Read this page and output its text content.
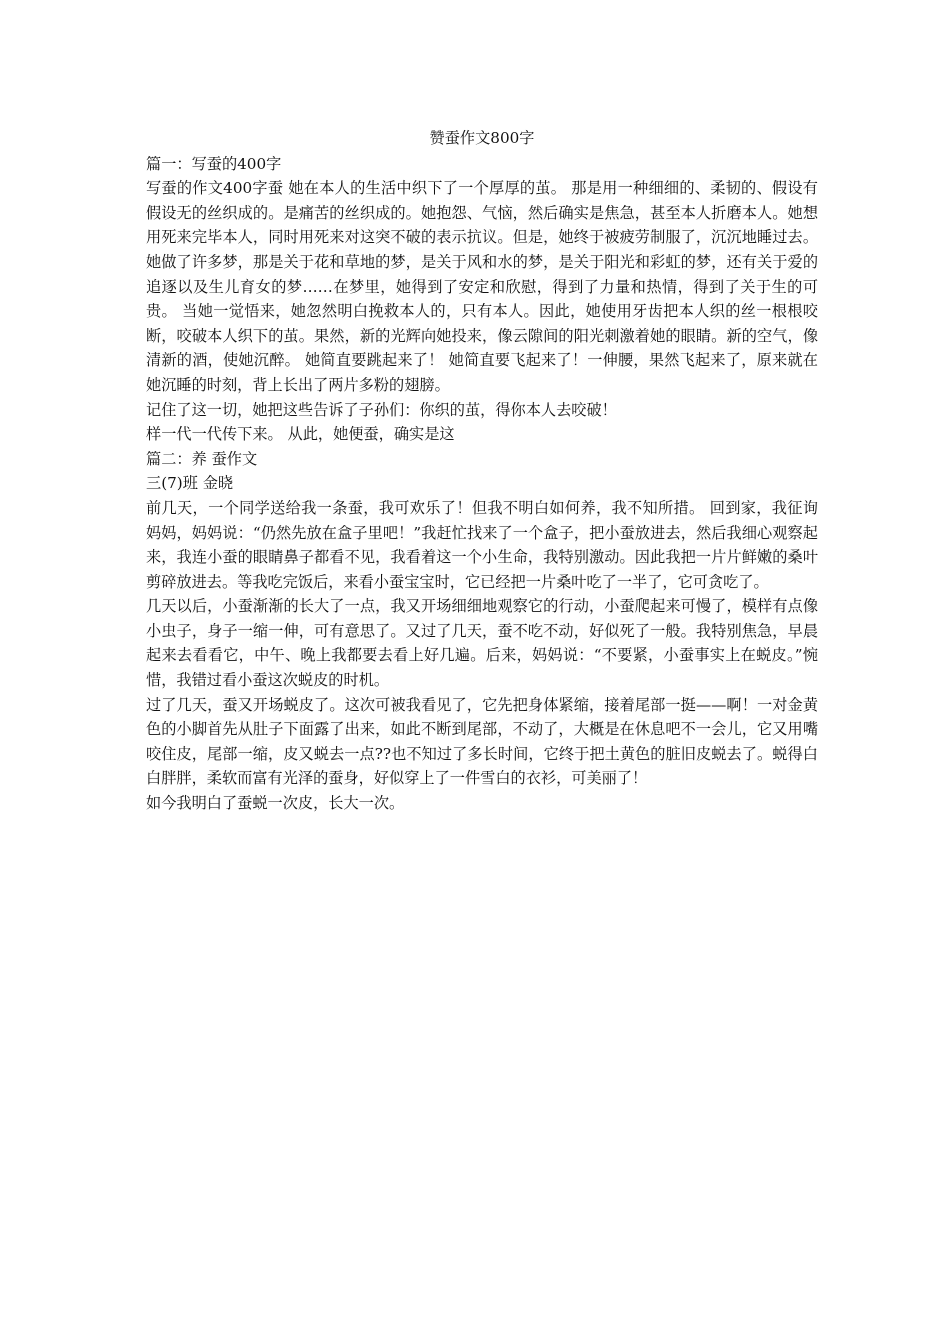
赞蚕作文800字
篇一：写蚕的400字
写蚕的作文400字蚕 她在本人的生活中织下了一个厚厚的茧。 那是用一种细细的、柔韧的、假设有假设无的丝织成的。是痛苦的丝织成的。她抱怨、气恼，然后确实是焦急，甚至本人折磨本人。她想用死来完毕本人，同时用死来对这突不破的表示抗议。但是，她终于被疲劳制服了，沉沉地睡过去。她做了许多梦，那是关于花和草地的梦，是关于风和水的梦，是关于阳光和彩虹的梦，还有关于爱的追逐以及生儿育女的梦……在梦里，她得到了安定和欣慰，得到了力量和热情，得到了关于生的可贵。 当她一觉悟来，她忽然明白挽救本人的，只有本人。因此，她使用牙齿把本人织的丝一根根咬断，咬破本人织下的茧。果然，新的光辉向她投来，像云隙间的阳光刺激着她的眼睛。新的空气，像清新的酒，使她沉醉。 她简直要跳起来了！ 她简直要飞起来了！一伸腰，果然飞起来了，原来就在她沉睡的时刻，背上长出了两片多粉的翅膀。
记住了这一切，她把这些告诉了子孙们：你织的茧，得你本人去咬破！
样一代一代传下来。 从此，她便蚕，确实是这
篇二：养 蚕作文
三(7)班 金晓
前几天，一个同学送给我一条蚕，我可欢乐了！但我不明白如何养，我不知所措。 回到家，我征询妈妈，妈妈说：“仍然先放在盒子里吧！”我赶忙找来了一个盒子，把小蚕放进去，然后我细心观察起来，我连小蚕的眼睛鼻子都看不见，我看着这一个小生命，我特别激动。因此我把一片片鲜嫩的桑叶剪碎放进去。等我吃完饭后，来看小蚕宝宝时，它已经把一片桑叶吃了一半了，它可贪吃了。
几天以后，小蚕渐渐的长大了一点，我又开场细细地观察它的行动，小蚕爬起来可慢了，模样有点像小虫子，身子一缩一伸，可有意思了。又过了几天，蚕不吃不动，好似死了一般。我特别焦急，早晨起来去看看它，中午、晚上我都要去看上好几遍。后来，妈妈说：“不要紧，小蚕事实上在蜕皮。”惋惜，我错过看小蚕这次蜕皮的时机。
过了几天，蚕又开场蜕皮了。这次可被我看见了，它先把身体紧缩，接着尾部一挺——啊！一对金黄色的小脚首先从肚子下面露了出来，如此不断到尾部，不动了，大概是在休息吧不一会儿，它又用嘴咬住皮，尾部一缩，皮又蜕去一点??也不知过了多长时间，它终于把土黄色的脏旧皮蜕去了。蜕得白白胖胖，柔软而富有光泽的蚕身，好似穿上了一件雪白的衣衫，可美丽了！
如今我明白了蚕蜕一次皮，长大一次。
